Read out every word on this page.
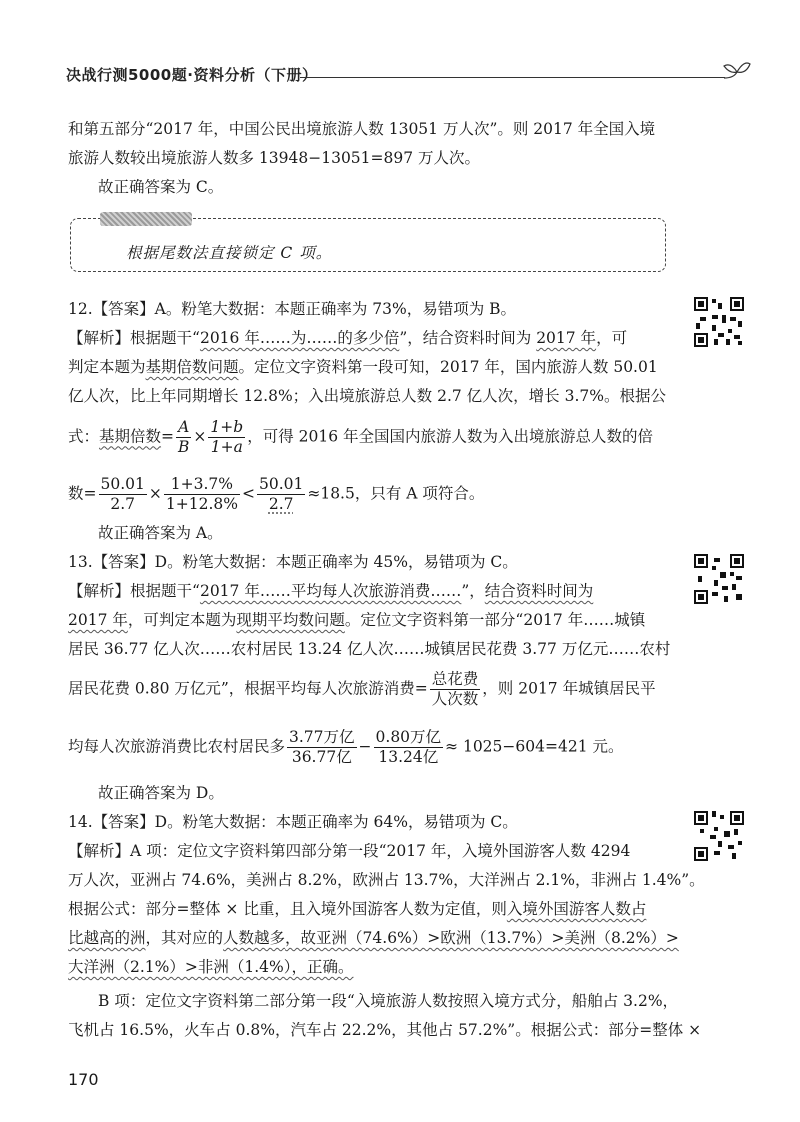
决战行测5000题·资料分析（下册）
和第五部分“2017 年，中国公民出境旅游人数 13051 万人次”。则 2017 年全国入境
旅游人数较出境旅游人数多 13948−13051=897 万人次。
故正确答案为 C。
根据尾数法直接锁定 C 项。
12.【答案】A。粉笔大数据：本题正确率为 73%，易错项为 B。
【解析】根据题干“2016 年……为……的多少倍”，结合资料时间为 2017 年，可
判定本题为基期倍数问题。定位文字资料第一段可知，2017 年，国内旅游人数 50.01
亿人次，比上年同期增长 12.8%；入出境旅游总人数 2.7 亿人次，增长 3.7%。根据公
式：基期倍数= $\frac{A}{B} \times \frac{1+b}{1+a}$ ，可得 2016 年全国国内旅游人数为入出境旅游总人数的倍
数= $\frac{50.01}{2.7} \times \frac{1+3.7\%}{1+12.8\%} < \frac{50.01}{2.7} \approx 18.5$，只有 A 项符合。
故正确答案为 A。
13.【答案】D。粉笔大数据：本题正确率为 45%，易错项为 C。
【解析】根据题干“2017 年……平均每人次旅游消费……”，结合资料时间为
2017 年，可判定本题为现期平均数问题。定位文字资料第一部分“2017 年……城镇
居民 36.77 亿人次……农村居民 13.24 亿人次……城镇居民花费 3.77 万亿元……农村
居民花费 0.80 万亿元”，根据平均每人次旅游消费= $\frac{\text{总花费}}{\text{人次数}}$ ，则 2017 年城镇居民平
均每人次旅游消费比农村居民多 $\frac{\text{3.77万亿}}{\text{36.77亿}} - \frac{\text{0.80万亿}}{\text{13.24亿}} \approx 1025-604=421$ 元。
故正确答案为 D。
14.【答案】D。粉笔大数据：本题正确率为 64%，易错项为 C。
【解析】A 项：定位文字资料第四部分第一段“2017 年，入境外国游客人数 4294
万人次，亚洲占 74.6%，美洲占 8.2%，欧洲占 13.7%，大洋洲占 2.1%，非洲占 1.4%”。
根据公式：部分=整体 × 比重，且入境外国游客人数为定值，则入境外国游客人数占
比越高的洲，其对应的人数越多，故亚洲（74.6%）>欧洲（13.7%）>美洲（8.2%）>
大洋洲（2.1%）>非洲（1.4%），正确。
B 项：定位文字资料第二部分第一段“入境旅游人数按照入境方式分，船舶占 3.2%，
飞机占 16.5%，火车占 0.8%，汽车占 22.2%，其他占 57.2%”。根据公式：部分=整体 ×
170
